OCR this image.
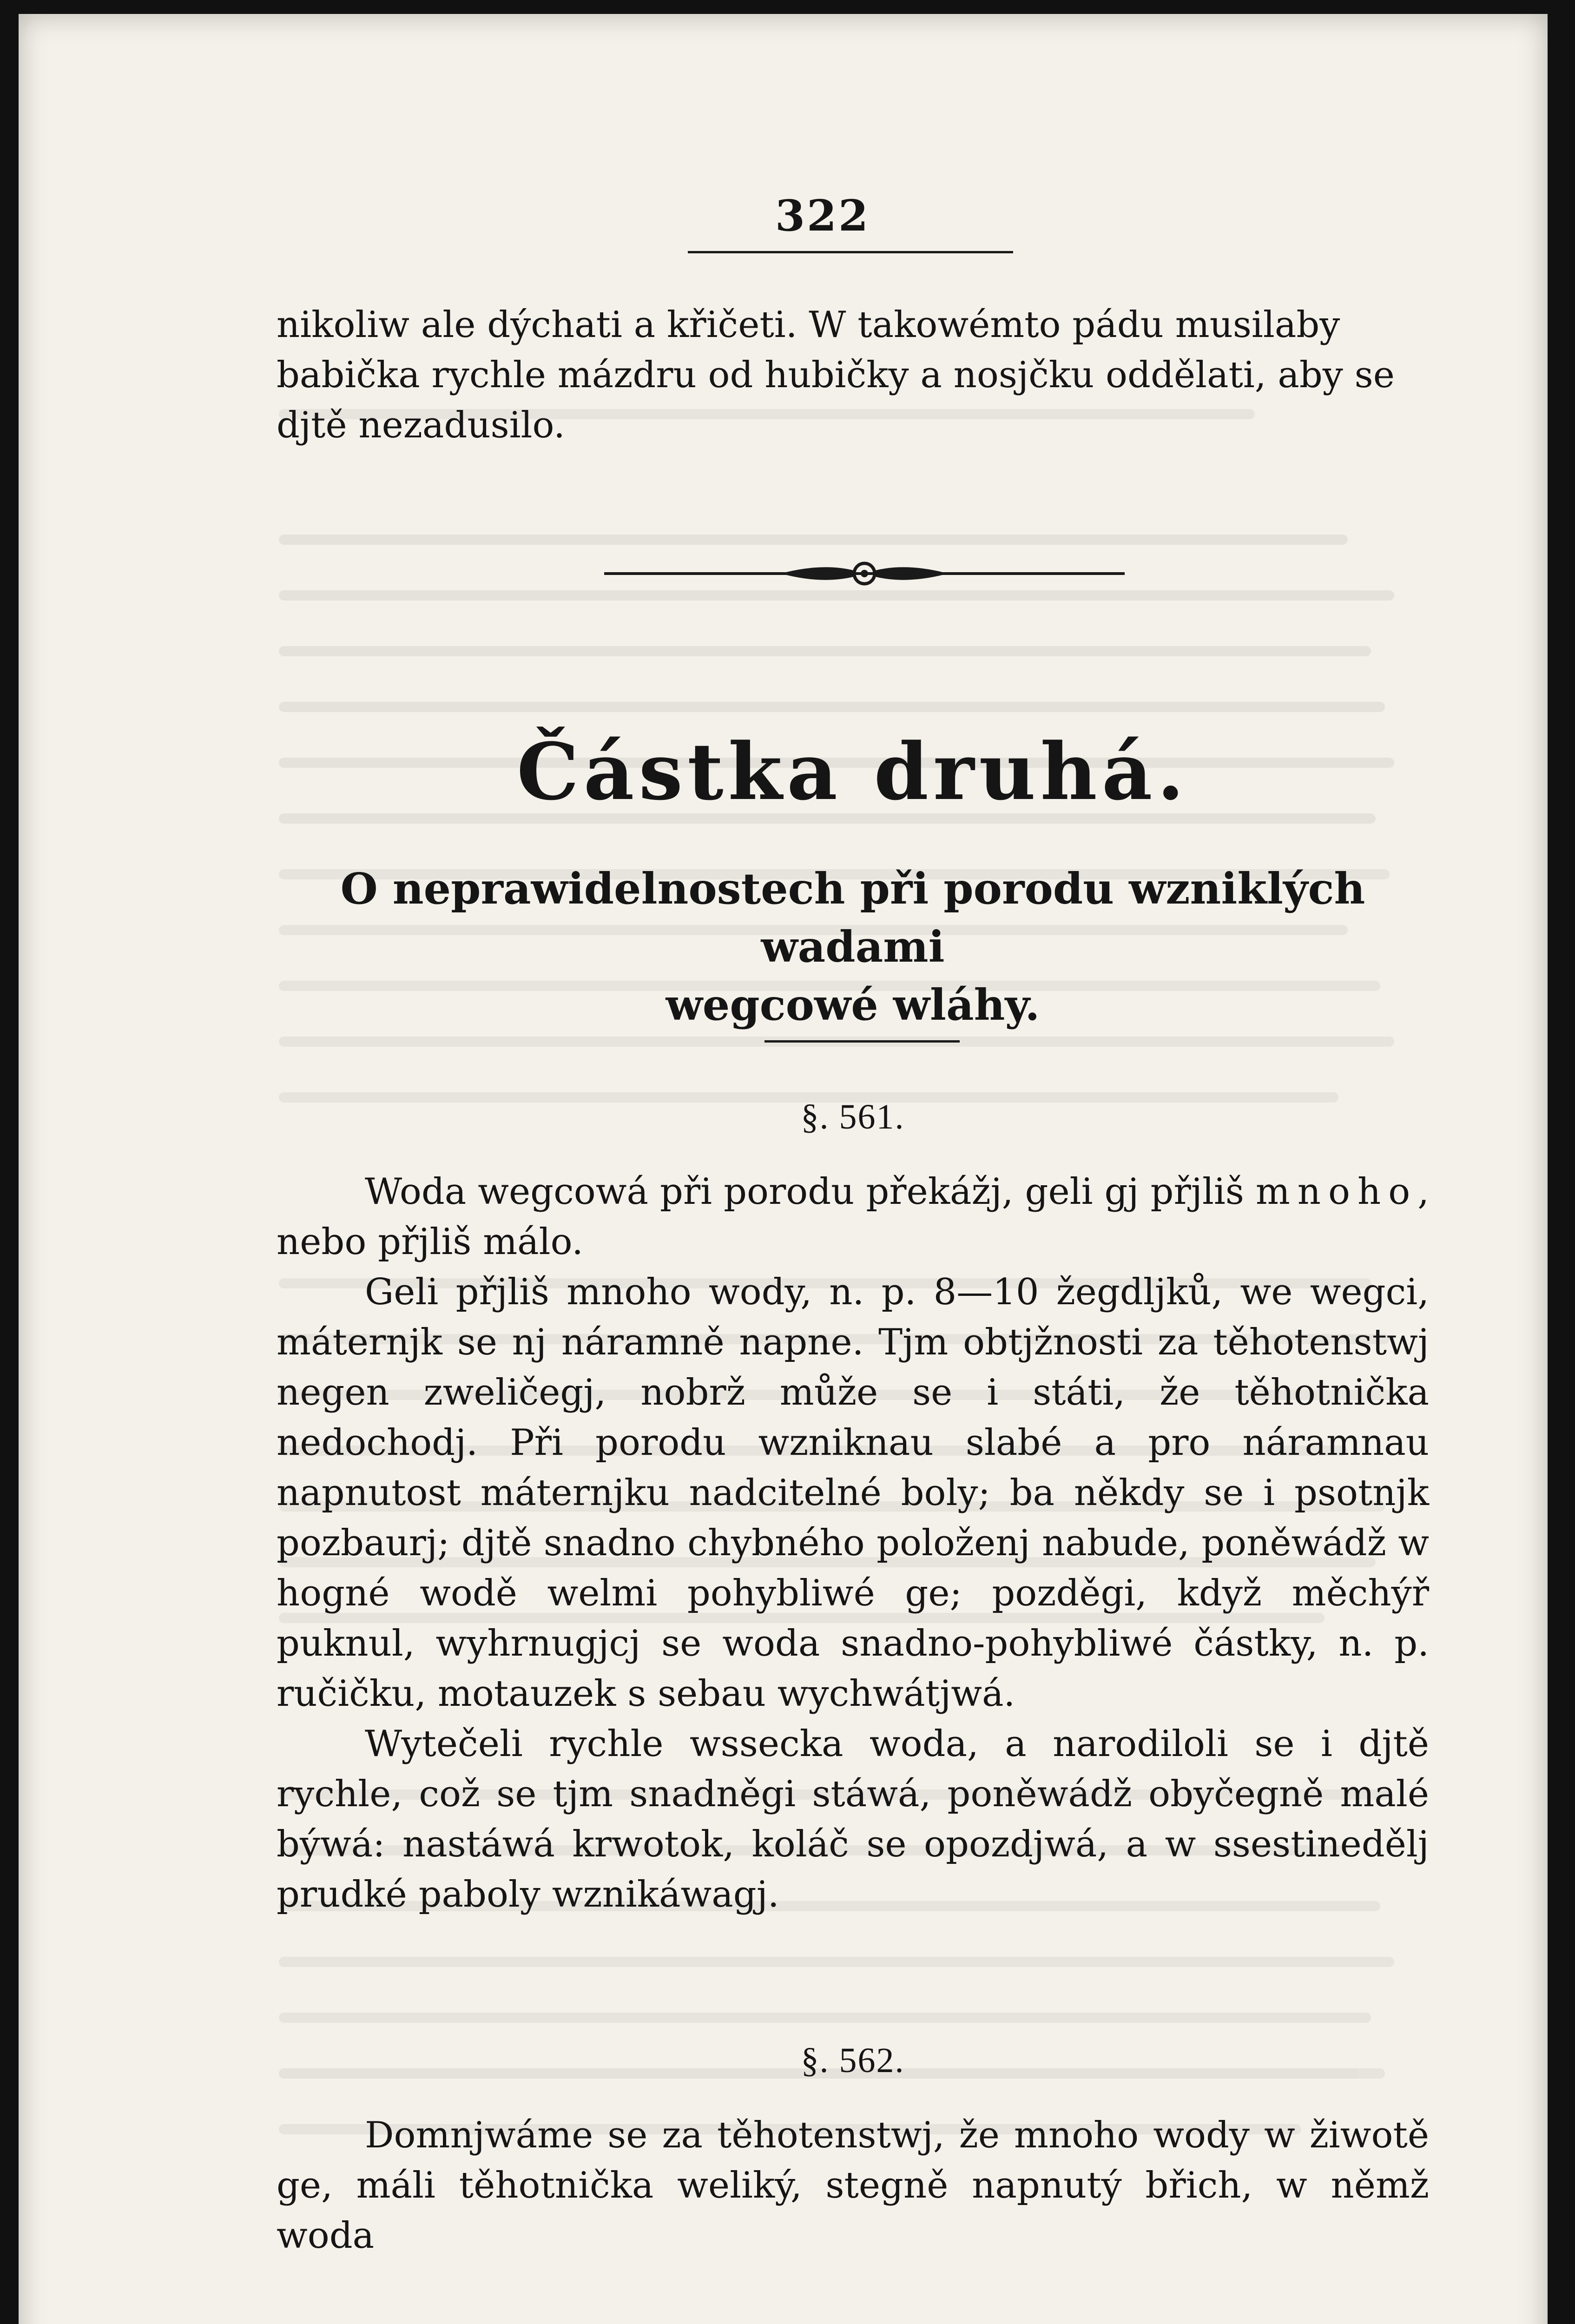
322

nikoliw ale dýchati a křičeti. W takowémto pádu musilaby

babička rychle mázdru od hubičky a nosjčku oddělati, aby se

djtě nezadusilo.

Částka druhá.
O neprawidelnostech při porodu wzniklých wadami
wegcowé wláhy.
§. 561.

Woda wegcowá při porodu překážj, geli gj přjliš mnoho, nebo přjliš málo.

Geli přjliš mnoho wody, n. p. 8—10 žegdljků, we wegci, máternjk se nj náramně napne. Tjm obtjžnosti za těhotenstwj negen zweličegj, nobrž může se i státi, že těhotnička nedochodj. Při porodu wzniknau slabé a pro náramnau napnutost máternjku nadcitelné boly; ba někdy se i psotnjk pozbaurj; djtě snadno chybného položenj nabude, poněwádž w hogné wodě welmi pohybliwé ge; pozděgi, když měchýř puknul, wyhrnugjcj se woda snadno-pohybliwé částky, n. p. ručičku, motauzek s sebau wychwátjwá.

Wytečeli rychle wssecka woda, a narodiloli se i djtě rychle, což se tjm snadněgi stáwá, poněwádž obyčegně malé býwá: nastáwá krwotok, koláč se opozdjwá, a w ssestinedělj prudké paboly wznikáwagj.

§. 562.

Domnjwáme se za těhotenstwj, že mnoho wody w žiwotě ge, máli těhotnička weliký, stegně napnutý břich, w němž woda
